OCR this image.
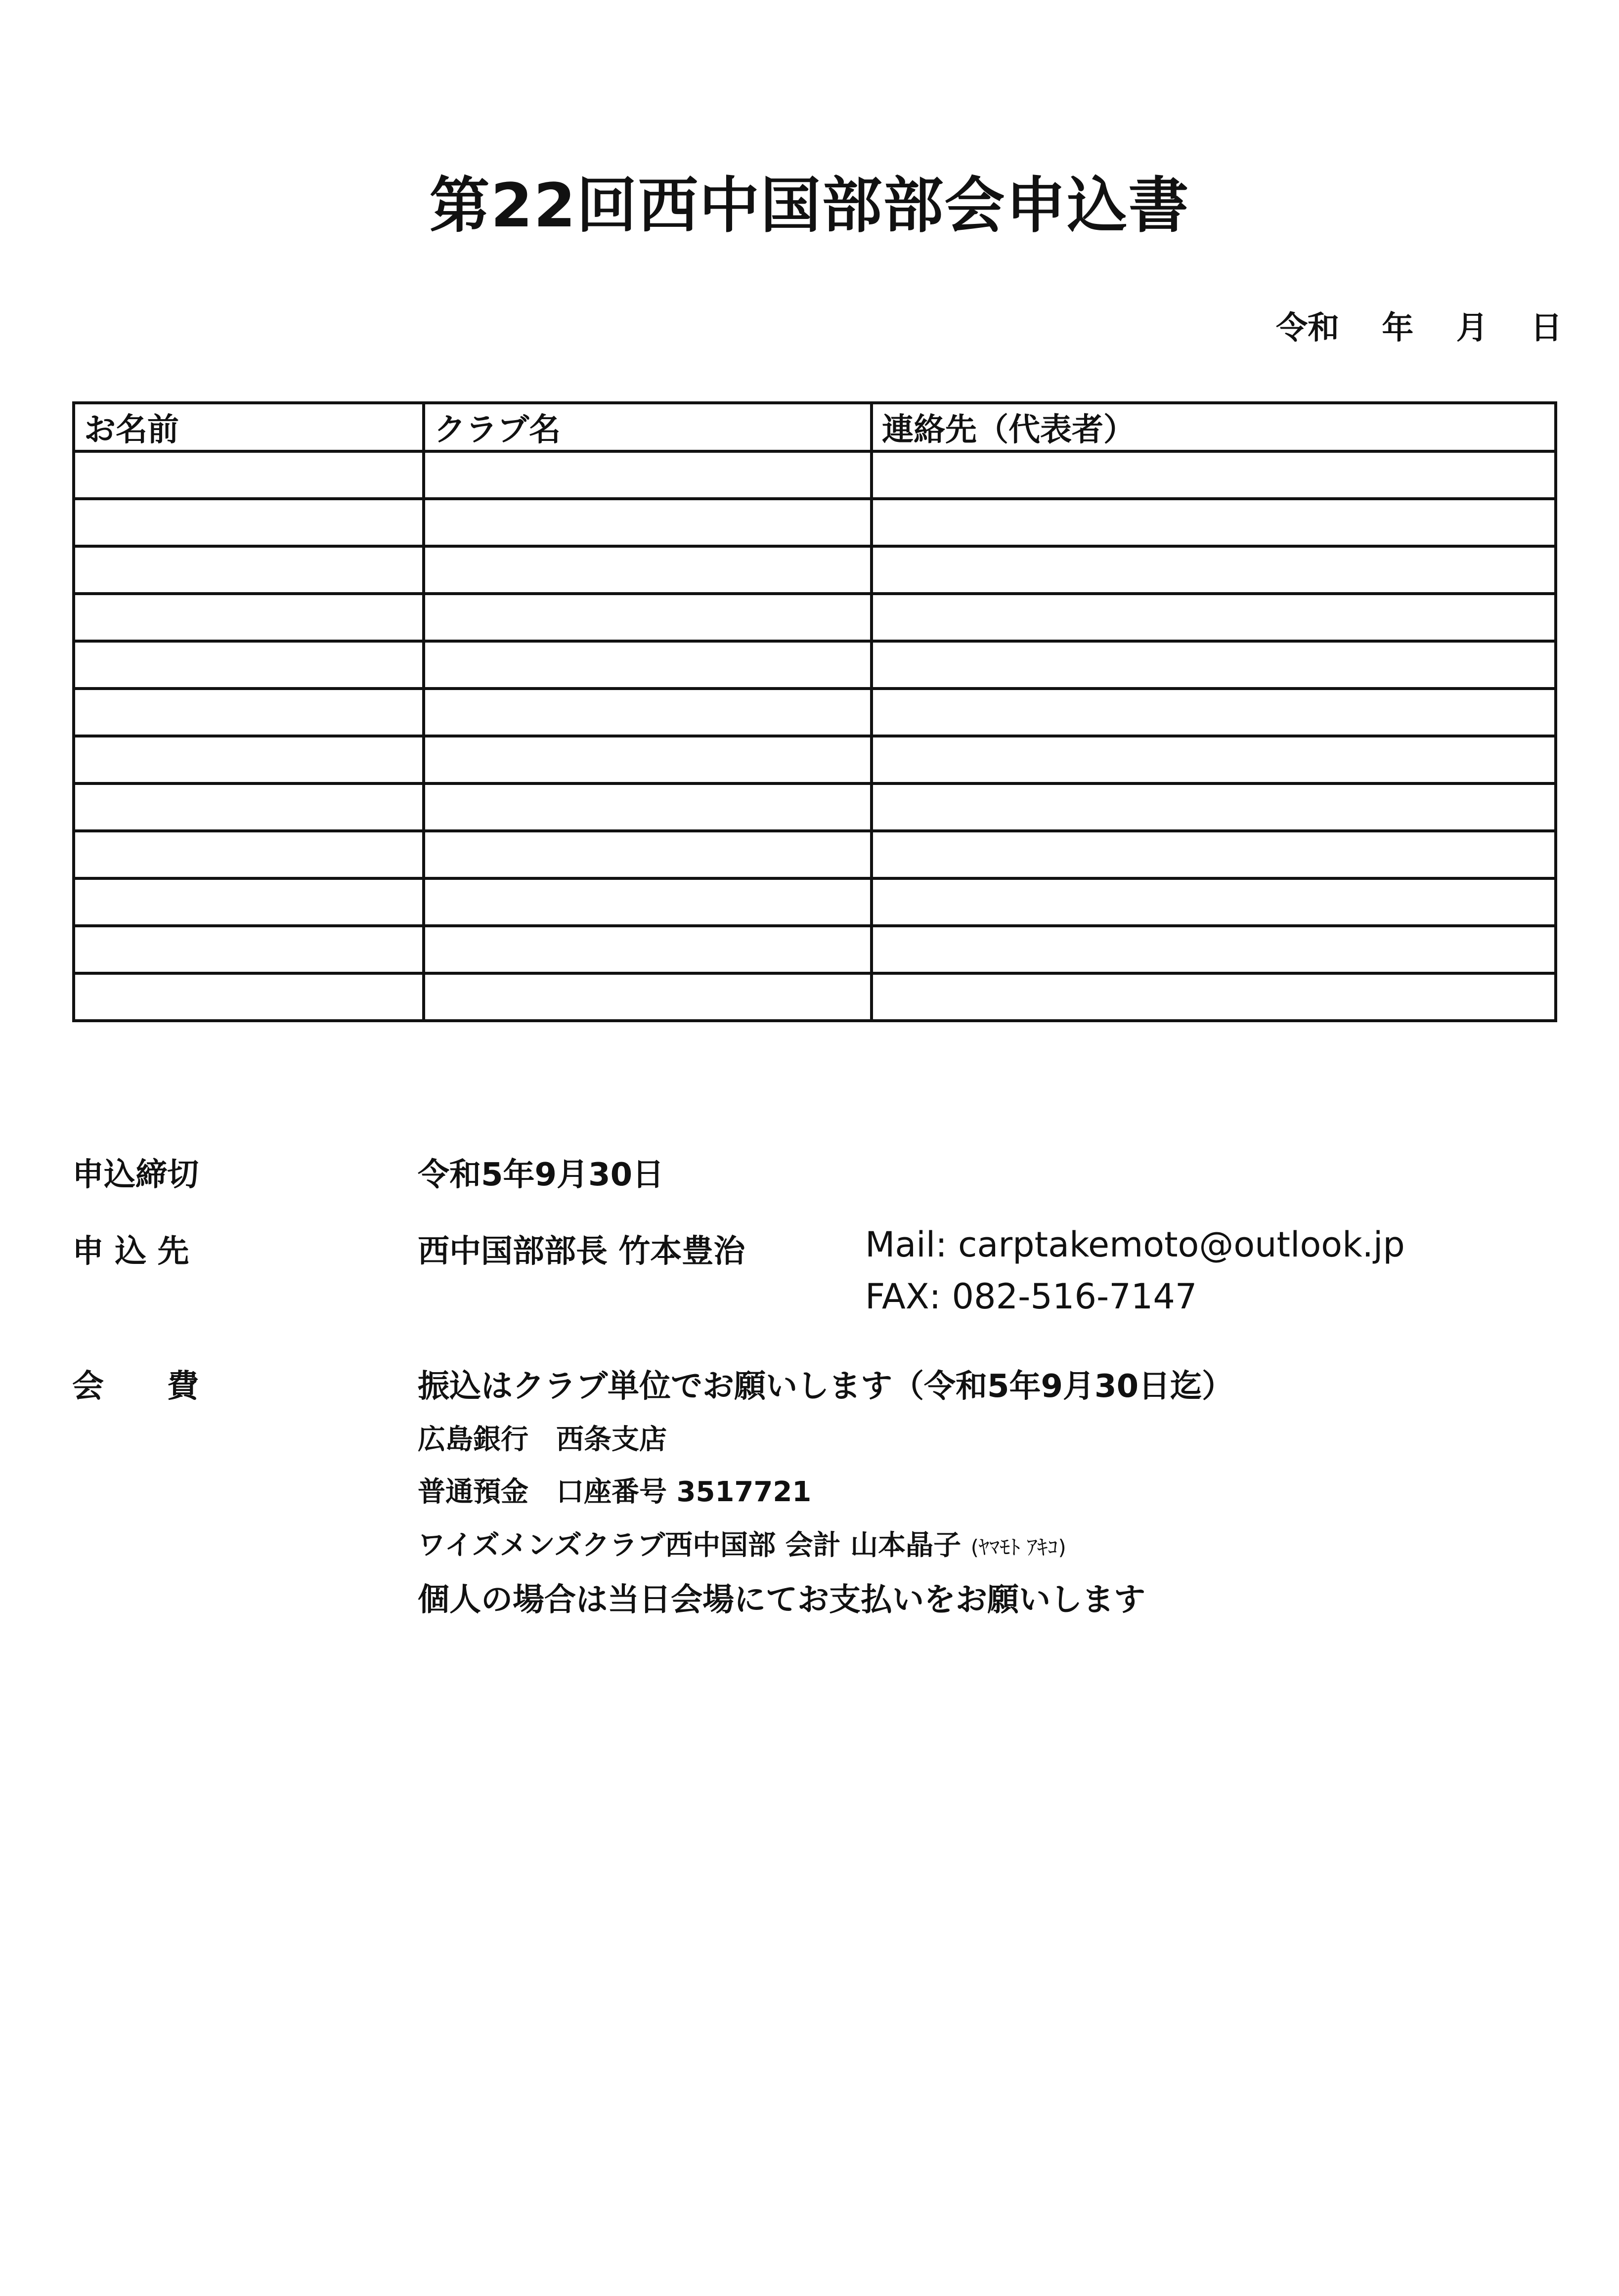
第22回西中国部部会申込書
令和　 年　 月　 日
お名前	クラブ名	連絡先（代表者）

申込締切	令和5年9月30日
申 込 先	西中国部部長 竹本豊治	Mail: carptakemoto@outlook.jp
FAX: 082-516-7147
会　　費	振込はクラブ単位でお願いします（令和5年9月30日迄）
広島銀行　西条支店
普通預金　口座番号 3517721
ワイズメンズクラブ西中国部 会計 山本晶子 (ﾔﾏﾓﾄ ｱｷｺ)
個人の場合は当日会場にてお支払いをお願いします
